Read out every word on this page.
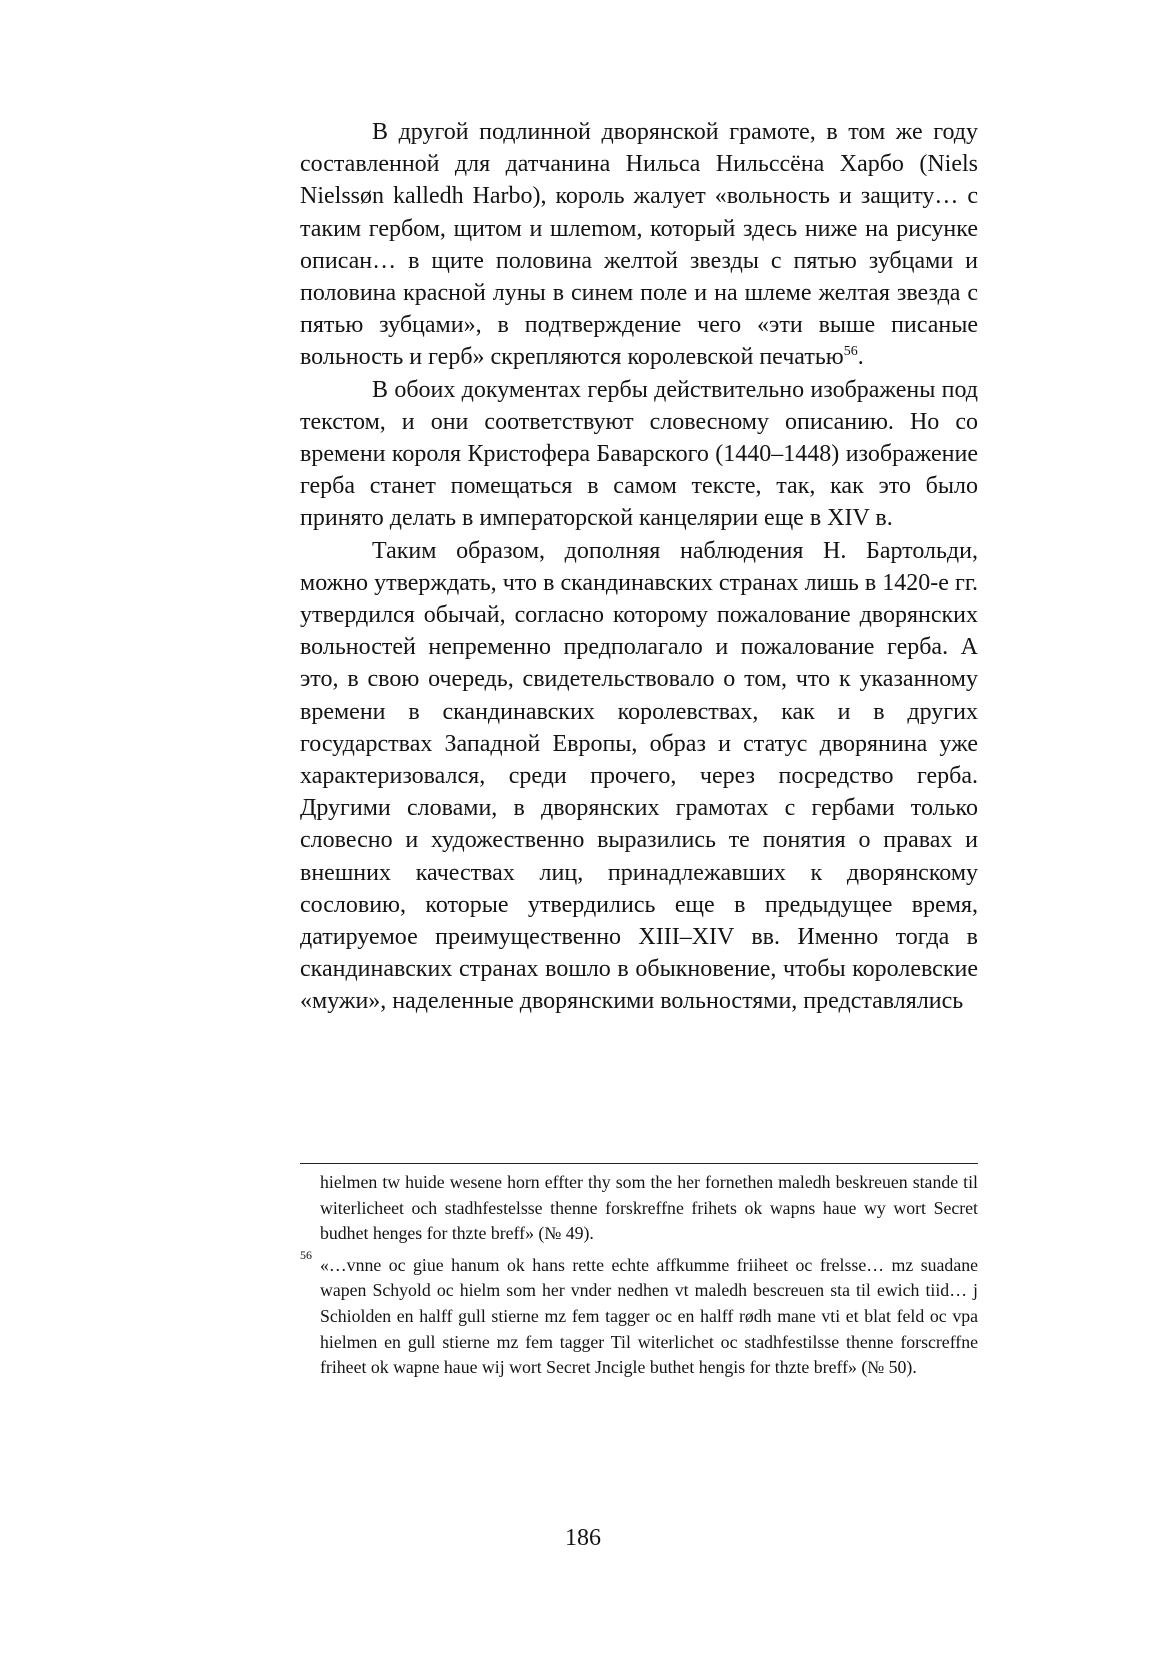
В другой подлинной дворянской грамоте, в том же году составленной для датчанина Нильса Нильссёна Харбо (Niels Nielssøn kalledh Harbo), король жалует «вольность и защиту… с таким гербом, щитом и шлеmом, который здесь ниже на рисунке описан… в щите половина желтой звезды с пятью зубцами и половина красной луны в синем поле и на шлеме желтая звезда с пятью зубцами», в подтверждение чего «эти выше писаные вольность и герб» скрепляются королевской печатью$^{56}$.

В обоих документах гербы действительно изображены под текстом, и они соответствуют словесному описанию. Но со времени короля Кристофера Баварского (1440–1448) изображение герба станет помещаться в самом тексте, так, как это было принято делать в императорской канцелярии еще в XIV в.

Таким образом, дополняя наблюдения Н. Бартольди, можно утверждать, что в скандинавских странах лишь в 1420-е гг. утвердился обычай, согласно которому пожалование дворянских вольностей непременно предполагало и пожалование герба. А это, в свою очередь, свидетельствовало о том, что к указанному времени в скандинавских королевствах, как и в других государствах Западной Европы, образ и статус дворянина уже характеризовался, среди прочего, через посредство герба. Другими словами, в дворянских грамотах с гербами только словесно и художественно выразились те понятия о правах и внешних качествах лиц, принадлежавших к дворянскому сословию, которые утвердились еще в предыдущее время, датируемое преимущественно XIII–XIV вв. Именно тогда в скандинавских странах вошло в обыкновение, чтобы королевские «мужи», наделенные дворянскими вольностями, представлялись

hielmen tw huide wesene horn effter thy som the her fornethen maledh beskreuen stande til witerlicheet och stadhfestelsse thenne forskreffne frihets ok wapns haue wy wort Secret budhet henges for thzte breff» (№ 49).

56 «…vnne oc giue hanum ok hans rette echte affkumme friiheet oc frelsse… mz suadane wapen Schyold oc hielm som her vnder nedhen vt maledh bescreuen sta til ewich tiid… j Schiolden en halff gull stierne mz fem tagger oc en halff rødh mane vti et blat feld oc vpa hielmen en gull stierne mz fem tagger Til witerlichet oc stadhfestilsse thenne forscreffne friheet ok wapne haue wij wort Secret Jncigle buthet hengis for thzte breff» (№ 50).

186
